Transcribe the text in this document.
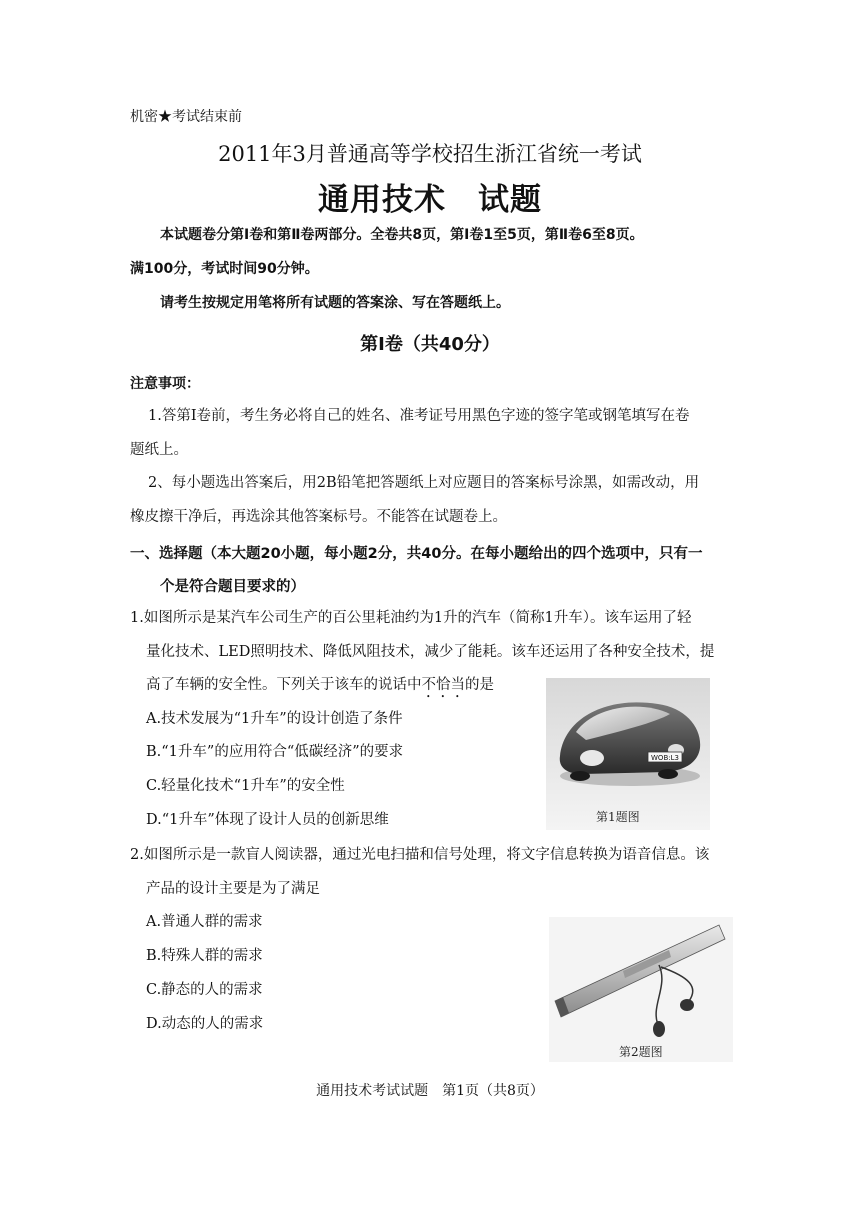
机密★考试结束前
2011年3月普通高等学校招生浙江省统一考试
通用技术　试题
本试题卷分第Ⅰ卷和第Ⅱ卷两部分。全卷共8页，第Ⅰ卷1至5页，第Ⅱ卷6至8页。
满100分，考试时间90分钟。
请考生按规定用笔将所有试题的答案涂、写在答题纸上。
第Ⅰ卷（共40分）
注意事项：
1.答第Ⅰ卷前，考生务必将自己的姓名、准考证号用黑色字迹的签字笔或钢笔填写在卷
题纸上。
2、每小题选出答案后，用2B铅笔把答题纸上对应题目的答案标号涂黑，如需改动，用
橡皮擦干净后，再选涂其他答案标号。不能答在试题卷上。
一、选择题（本大题20小题，每小题2分，共40分。在每小题给出的四个选项中，只有一
个是符合题目要求的）
1.如图所示是某汽车公司生产的百公里耗油约为1升的汽车（简称1升车）。该车运用了轻
量化技术、LED照明技术、降低风阻技术，减少了能耗。该车还运用了各种安全技术，提
高了车辆的安全性。下列关于该车的说话中不恰当的是
A.技术发展为“1升车”的设计创造了条件
B.“1升车”的应用符合“低碳经济”的要求
C.轻量化技术“1升车”的安全性
D.“1升车”体现了设计人员的创新思维
WOB:L3
第1题图
2.如图所示是一款盲人阅读器，通过光电扫描和信号处理，将文字信息转换为语音信息。该
产品的设计主要是为了满足
A.普通人群的需求
B.特殊人群的需求
C.静态的人的需求
D.动态的人的需求
第2题图
通用技术考试试题　第1页（共8页）
